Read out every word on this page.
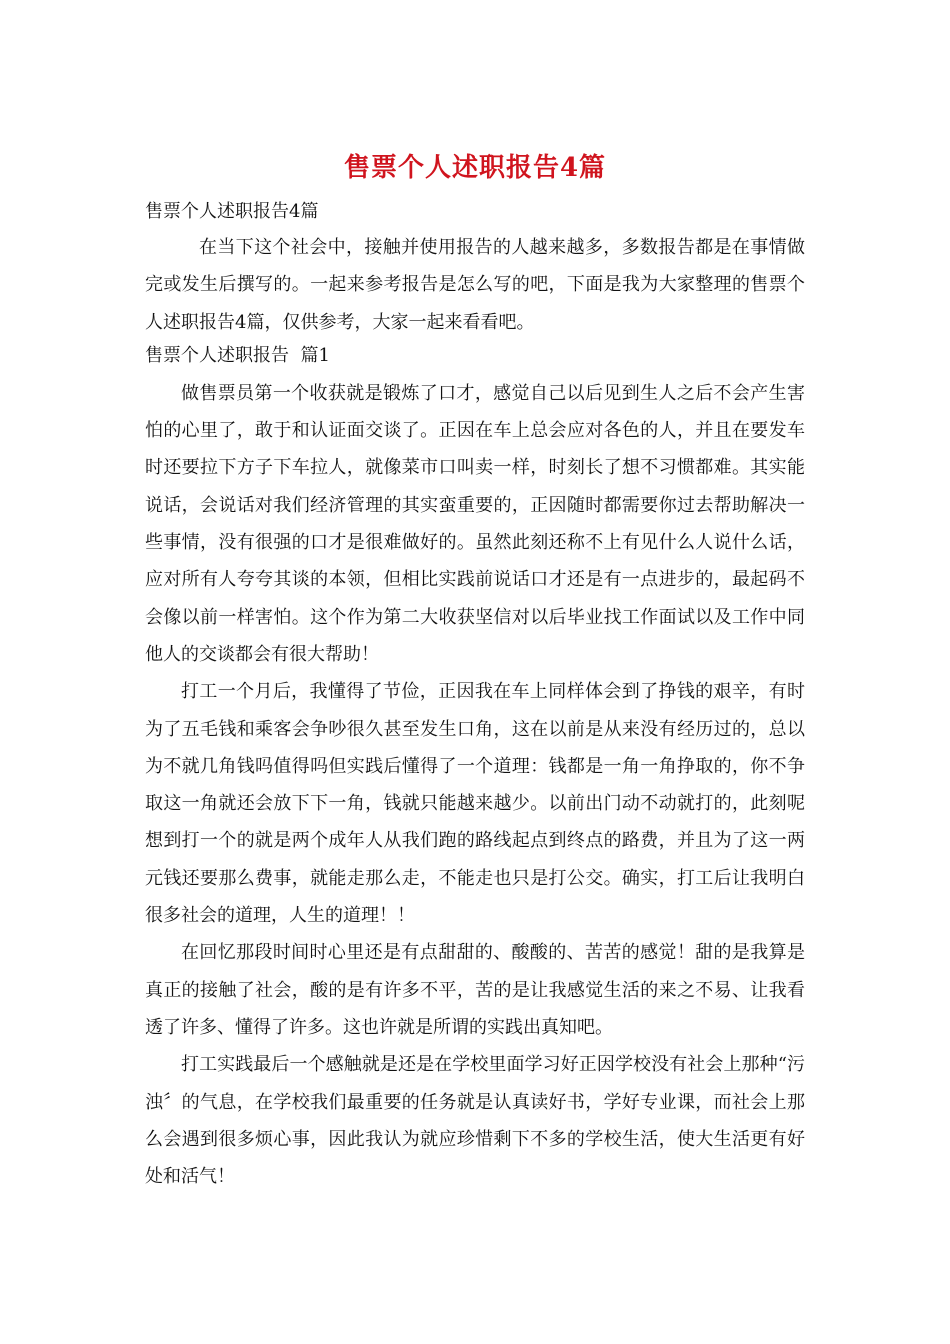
售票个人述职报告4篇

售票个人述职报告4篇

在当下这个社会中，接触并使用报告的人越来越多，多数报告都是在事情做完或发生后撰写的。一起来参考报告是怎么写的吧，下面是我为大家整理的售票个人述职报告4篇，仅供参考，大家一起来看看吧。

售票个人述职报告  篇1

做售票员第一个收获就是锻炼了口才，感觉自己以后见到生人之后不会产生害怕的心里了，敢于和认证面交谈了。正因在车上总会应对各色的人，并且在要发车时还要拉下方子下车拉人，就像菜市口叫卖一样，时刻长了想不习惯都难。其实能说话，会说话对我们经济管理的其实蛮重要的，正因随时都需要你过去帮助解决一些事情，没有很强的口才是很难做好的。虽然此刻还称不上有见什么人说什么话，应对所有人夸夸其谈的本领，但相比实践前说话口才还是有一点进步的，最起码不会像以前一样害怕。这个作为第二大收获坚信对以后毕业找工作面试以及工作中同他人的交谈都会有很大帮助！

打工一个月后，我懂得了节俭，正因我在车上同样体会到了挣钱的艰辛，有时为了五毛钱和乘客会争吵很久甚至发生口角，这在以前是从来没有经历过的，总以为不就几角钱吗值得吗但实践后懂得了一个道理：钱都是一角一角挣取的，你不争取这一角就还会放下下一角，钱就只能越来越少。以前出门动不动就打的，此刻呢想到打一个的就是两个成年人从我们跑的路线起点到终点的路费，并且为了这一两元钱还要那么费事，就能走那么走，不能走也只是打公交。确实，打工后让我明白很多社会的道理，人生的道理！！

在回忆那段时间时心里还是有点甜甜的、酸酸的、苦苦的感觉！甜的是我算是真正的接触了社会，酸的是有许多不平，苦的是让我感觉生活的来之不易、让我看透了许多、懂得了许多。这也许就是所谓的实践出真知吧。

打工实践最后一个感触就是还是在学校里面学习好正因学校没有社会上那种“污浊〞的气息，在学校我们最重要的任务就是认真读好书，学好专业课，而社会上那么会遇到很多烦心事，因此我认为就应珍惜剩下不多的学校生活，使大生活更有好处和活气！
